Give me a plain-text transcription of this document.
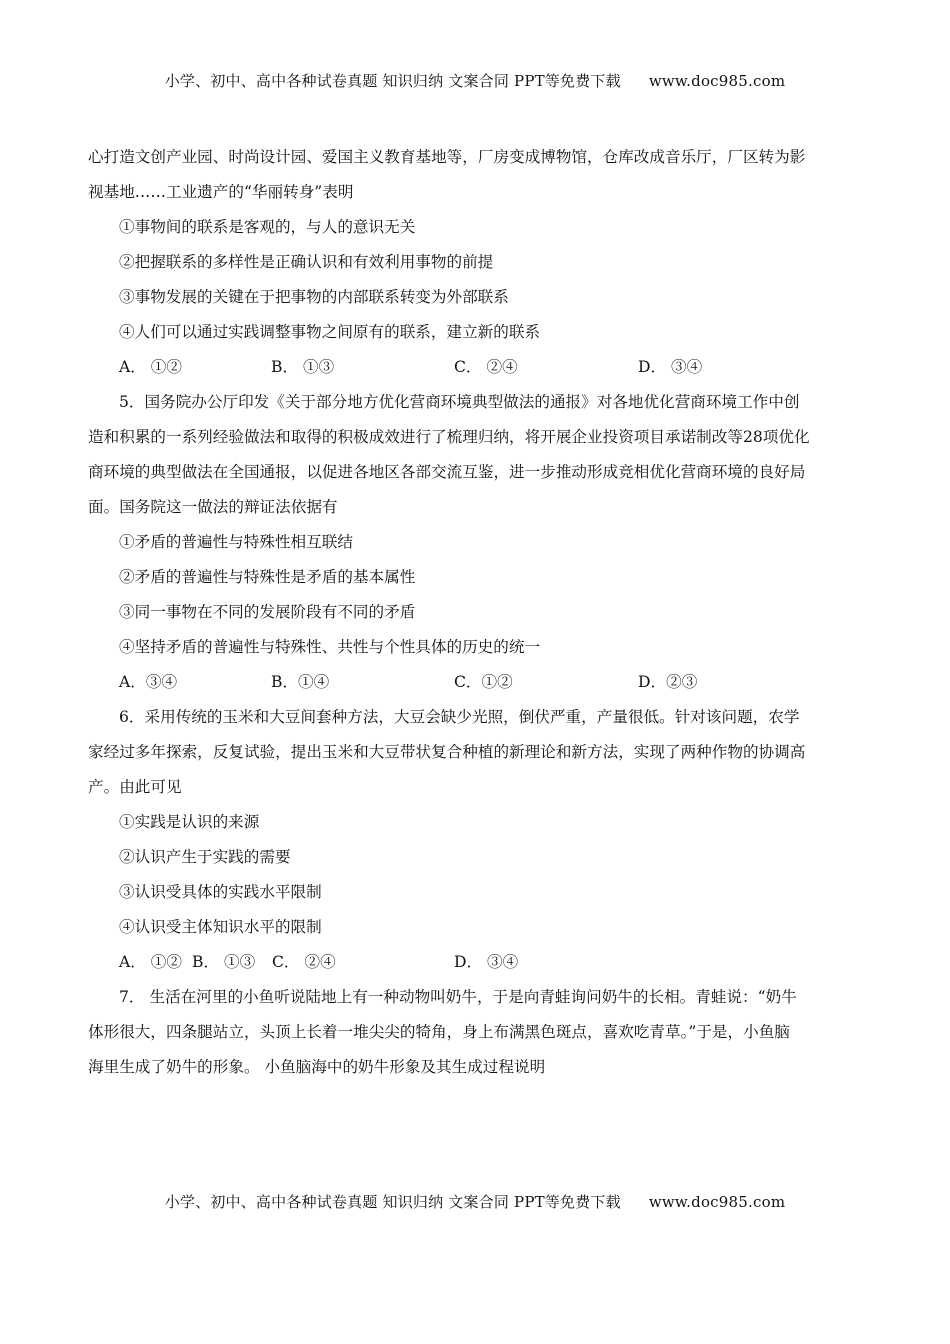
小学、初中、高中各种试卷真题 知识归纳 文案合同 PPT等免费下载 www.doc985.com
心打造文创产业园、时尚设计园、爱国主义教育基地等，厂房变成博物馆，仓库改成音乐厅，厂区转为影
视基地……工业遗产的“华丽转身”表明
①事物间的联系是客观的，与人的意识无关
②把握联系的多样性是正确认识和有效利用事物的前提
③事物发展的关键在于把事物的内部联系转变为外部联系
④人们可以通过实践调整事物之间原有的联系，建立新的联系
A． ①②	B． ①③	C． ②④	D． ③④
5．国务院办公厅印发《关于部分地方优化营商环境典型做法的通报》对各地优化营商环境工作中创
造和积累的一系列经验做法和取得的积极成效进行了梳理归纳，将开展企业投资项目承诺制改等28项优化
商环境的典型做法在全国通报，以促进各地区各部交流互鉴，进一步推动形成竞相优化营商环境的良好局
面。国务院这一做法的辩证法依据有
①矛盾的普遍性与特殊性相互联结
②矛盾的普遍性与特殊性是矛盾的基本属性
③同一事物在不同的发展阶段有不同的矛盾
④坚持矛盾的普遍性与特殊性、共性与个性具体的历史的统一
A．③④	B．①④	C．①②	D．②③
6．采用传统的玉米和大豆间套种方法，大豆会缺少光照，倒伏严重，产量很低。针对该问题，农学
家经过多年探索，反复试验，提出玉米和大豆带状复合种植的新理论和新方法，实现了两种作物的协调高
产。由此可见
①实践是认识的来源
②认识产生于实践的需要
③认识受具体的实践水平限制
④认识受主体知识水平的限制
A． ①② B． ①③ C． ②④	D． ③④
7． 生活在河里的小鱼听说陆地上有一种动物叫奶牛，于是向青蛙询问奶牛的长相。青蛙说：“奶牛
体形很大，四条腿站立，头顶上长着一堆尖尖的犄角，身上布满黑色斑点，喜欢吃青草。”于是，小鱼脑
海里生成了奶牛的形象。 小鱼脑海中的奶牛形象及其生成过程说明
小学、初中、高中各种试卷真题 知识归纳 文案合同 PPT等免费下载 www.doc985.com
